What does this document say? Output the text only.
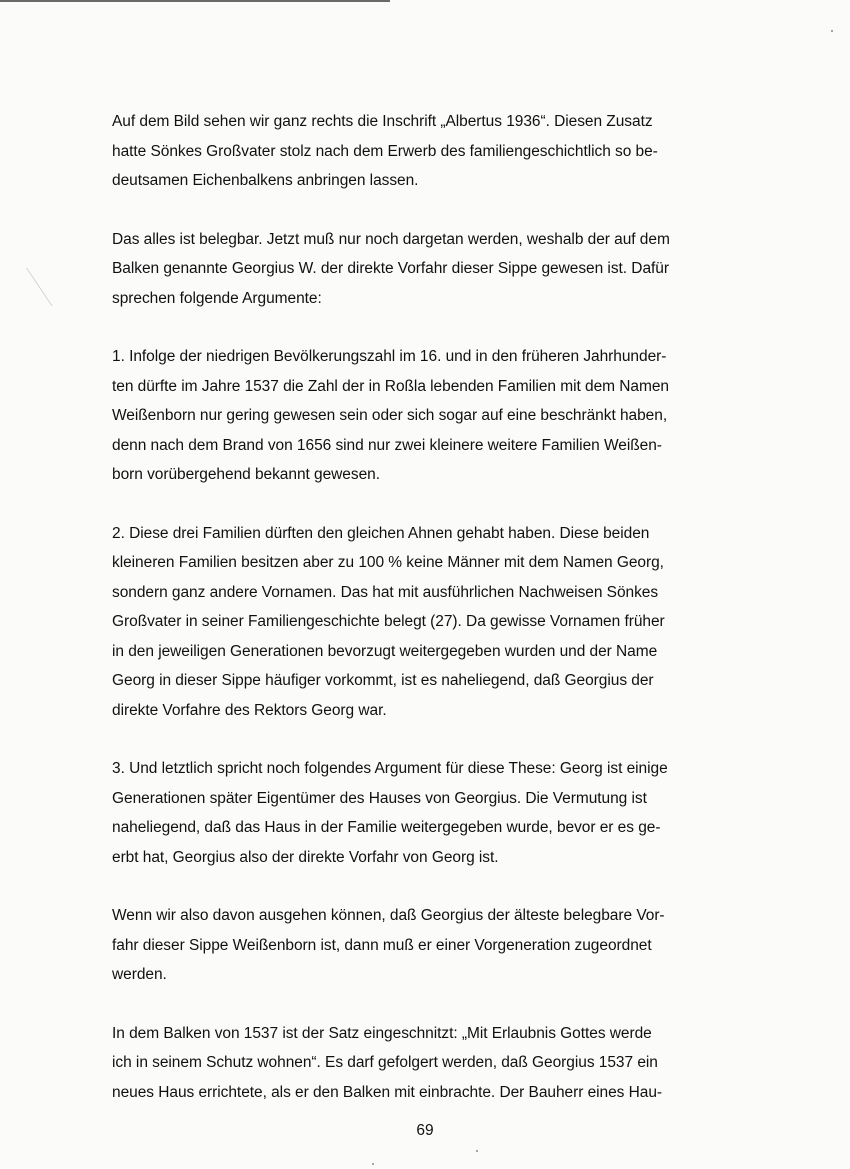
Auf dem Bild sehen wir ganz rechts die Inschrift „Albertus 1936“. Diesen Zusatz
hatte Sönkes Großvater stolz nach dem Erwerb des familiengeschichtlich so be-
deutsamen Eichenbalkens anbringen lassen.

Das alles ist belegbar. Jetzt muß nur noch dargetan werden, weshalb der auf dem
Balken genannte Georgius W. der direkte Vorfahr dieser Sippe gewesen ist. Dafür
sprechen folgende Argumente:

1. Infolge der niedrigen Bevölkerungszahl im 16. und in den früheren Jahrhunder-
ten dürfte im Jahre 1537 die Zahl der in Roßla lebenden Familien mit dem Namen
Weißenborn nur gering gewesen sein oder sich sogar auf eine beschränkt haben,
denn nach dem Brand von 1656 sind nur zwei kleinere weitere Familien Weißen-
born vorübergehend bekannt gewesen.

2. Diese drei Familien dürften den gleichen Ahnen gehabt haben. Diese beiden
kleineren Familien besitzen aber zu 100 % keine Männer mit dem Namen Georg,
sondern ganz andere Vornamen. Das hat mit ausführlichen Nachweisen Sönkes
Großvater in seiner Familiengeschichte belegt (27). Da gewisse Vornamen früher
in den jeweiligen Generationen bevorzugt weitergegeben wurden und der Name
Georg in dieser Sippe häufiger vorkommt, ist es naheliegend, daß Georgius der
direkte Vorfahre des Rektors Georg war.

3. Und letztlich spricht noch folgendes Argument für diese These: Georg ist einige
Generationen später Eigentümer des Hauses von Georgius. Die Vermutung ist
naheliegend, daß das Haus in der Familie weitergegeben wurde, bevor er es ge-
erbt hat, Georgius also der direkte Vorfahr von Georg ist.

Wenn wir also davon ausgehen können, daß Georgius der älteste belegbare Vor-
fahr dieser Sippe Weißenborn ist, dann muß er einer Vorgeneration zugeordnet
werden.

In dem Balken von 1537 ist der Satz eingeschnitzt: „Mit Erlaubnis Gottes werde
ich in seinem Schutz wohnen“. Es darf gefolgert werden, daß Georgius 1537 ein
neues Haus errichtete, als er den Balken mit einbrachte. Der Bauherr eines Hau-

69
